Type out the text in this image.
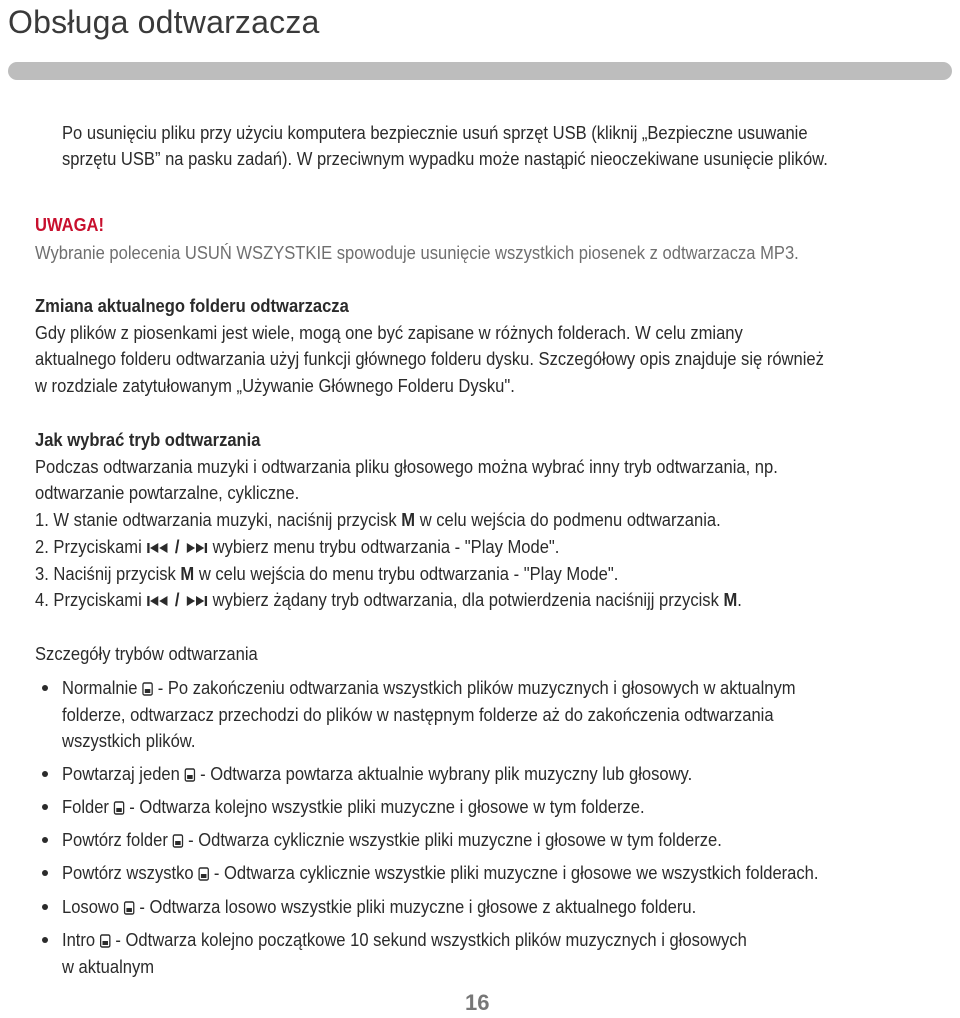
Obsługa odtwarzacza
Po usunięciu pliku przy użyciu komputera bezpiecznie usuń sprzęt USB (kliknij „Bezpieczne usuwanie
sprzętu USB” na pasku zadań). W przeciwnym wypadku może nastąpić nieoczekiwane usunięcie plików.
UWAGA!
Wybranie polecenia USUŃ WSZYSTKIE spowoduje usunięcie wszystkich piosenek z odtwarzacza MP3.
Zmiana aktualnego folderu odtwarzacza
Gdy plików z piosenkami jest wiele, mogą one być zapisane w różnych folderach. W celu zmiany
aktualnego folderu odtwarzania użyj funkcji głównego folderu dysku. Szczegółowy opis znajduje się również
w rozdziale zatytułowanym „Używanie Głównego Folderu Dysku".
Jak wybrać tryb odtwarzania
Podczas odtwarzania muzyki i odtwarzania pliku głosowego można wybrać inny tryb odtwarzania, np.
odtwarzanie powtarzalne, cykliczne.
1. W stanie odtwarzania muzyki, naciśnij przycisk M w celu wejścia do podmenu odtwarzania.
2. Przyciskami  /  wybierz menu trybu odtwarzania - "Play Mode".
3. Naciśnij przycisk M w celu wejścia do menu trybu odtwarzania - "Play Mode".
4. Przyciskami  /  wybierz żądany tryb odtwarzania, dla potwierdzenia naciśnijj przycisk M.
Szczegóły trybów odtwarzania
Normalnie  - Po zakończeniu odtwarzania wszystkich plików muzycznych i głosowych w aktualnym
folderze, odtwarzacz przechodzi do plików w następnym folderze aż do zakończenia odtwarzania
wszystkich plików.
Powtarzaj jeden  - Odtwarza powtarza aktualnie wybrany plik muzyczny lub głosowy.
Folder  - Odtwarza kolejno wszystkie pliki muzyczne i głosowe w tym folderze.
Powtórz folder  - Odtwarza cyklicznie wszystkie pliki muzyczne i głosowe w tym folderze.
Powtórz wszystko  - Odtwarza cyklicznie wszystkie pliki muzyczne i głosowe we wszystkich folderach.
Losowo  - Odtwarza losowo wszystkie pliki muzyczne i głosowe z aktualnego folderu.
Intro  - Odtwarza kolejno początkowe 10 sekund wszystkich plików muzycznych i głosowych
w aktualnym
16
